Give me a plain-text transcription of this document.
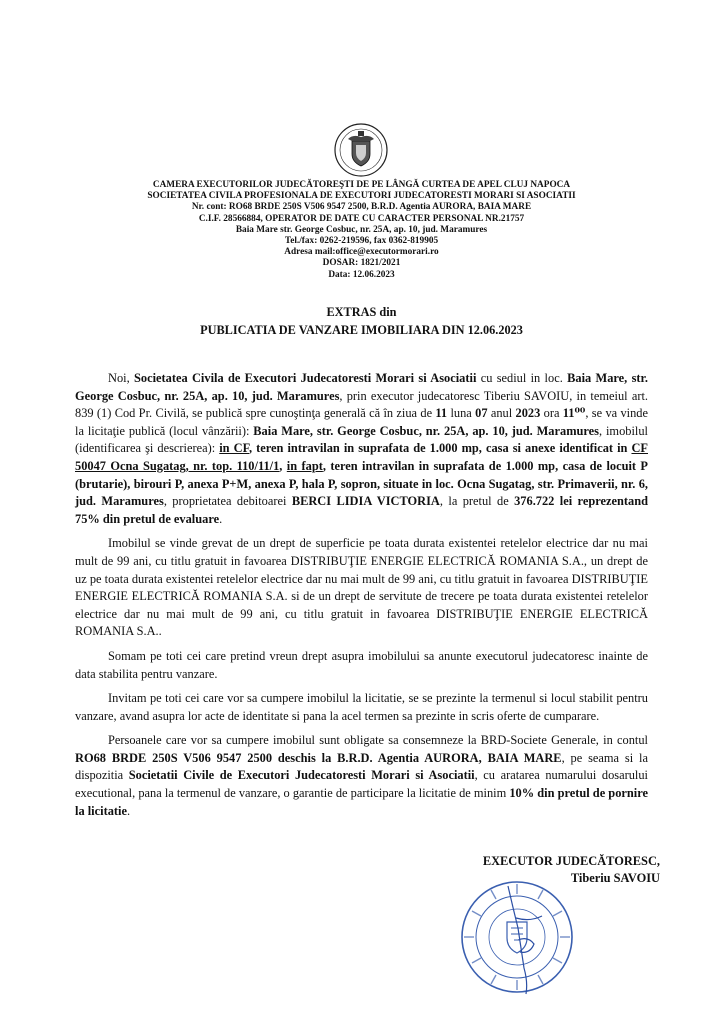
CAMERA EXECUTORILOR JUDECĂTOREŞTI DE PE LÂNGĂ CURTEA DE APEL CLUJ NAPOCA
SOCIETATEA CIVILA PROFESIONALA DE EXECUTORI JUDECATORESTI MORARI SI ASOCIATII
Nr. cont: RO68 BRDE 250S V506 9547 2500, B.R.D. Agentia AURORA, BAIA MARE
C.I.F. 28566884, OPERATOR DE DATE CU CARACTER PERSONAL NR.21757
Baia Mare str. George Cosbuc, nr. 25A, ap. 10, jud. Maramures
Tel./fax: 0262-219596, fax 0362-819905
Adresa mail:office@executormorari.ro
DOSAR: 1821/2021
Data: 12.06.2023
EXTRAS din
PUBLICATIA DE VANZARE IMOBILIARA DIN 12.06.2023

Noi, Societatea Civila de Executori Judecatoresti Morari si Asociatii cu sediul in loc. Baia Mare, str. George Cosbuc, nr. 25A, ap. 10, jud. Maramures, prin executor judecatoresc Tiberiu SAVOIU, in temeiul art. 839 (1) Cod Pr. Civilă, se publică spre cunoştinţa generală că în ziua de 11 luna 07 anul 2023 ora 11⁰⁰, se va vinde la licitaţie publică (locul vânzării): Baia Mare, str. George Cosbuc, nr. 25A, ap. 10, jud. Maramures, imobilul (identificarea şi descrierea): in CF, teren intravilan in suprafata de 1.000 mp, casa si anexe identificat in CF 50047 Ocna Sugatag, nr. top. 110/11/1, in fapt, teren intravilan in suprafata de 1.000 mp, casa de locuit P (brutarie), birouri P, anexa P+M, anexa P, hala P, sopron, situate in loc. Ocna Sugatag, str. Primaverii, nr. 6, jud. Maramures, proprietatea debitoarei BERCI LIDIA VICTORIA, la pretul de 376.722 lei reprezentand 75% din pretul de evaluare.

Imobilul se vinde grevat de un drept de superficie pe toata durata existentei retelelor electrice dar nu mai mult de 99 ani, cu titlu gratuit in favoarea DISTRIBUŢIE ENERGIE ELECTRICĂ ROMANIA S.A., un drept de uz pe toata durata existentei retelelor electrice dar nu mai mult de 99 ani, cu titlu gratuit in favoarea DISTRIBUŢIE ENERGIE ELECTRICĂ ROMANIA S.A. si de un drept de servitute de trecere pe toata durata existentei retelelor electrice dar nu mai mult de 99 ani, cu titlu gratuit in favoarea DISTRIBUŢIE ENERGIE ELECTRICĂ ROMANIA S.A..

Somam pe toti cei care pretind vreun drept asupra imobilului sa anunte executorul judecatoresc inainte de data stabilita pentru vanzare.

Invitam pe toti cei care vor sa cumpere imobilul la licitatie, se se prezinte la termenul si locul stabilit pentru vanzare, avand asupra lor acte de identitate si pana la acel termen sa prezinte in scris oferte de cumparare.

Persoanele care vor sa cumpere imobilul sunt obligate sa consemneze la BRD-Societe Generale, in contul RO68 BRDE 250S V506 9547 2500 deschis la B.R.D. Agentia AURORA, BAIA MARE, pe seama si la dispozitia Societatii Civile de Executori Judecatoresti Morari si Asociatii, cu aratarea numarului dosarului executional, pana la termenul de vanzare, o garantie de participare la licitatie de minim 10% din pretul de pornire la licitatie.

EXECUTOR JUDECĂTORESC,
Tiberiu SAVOIU
